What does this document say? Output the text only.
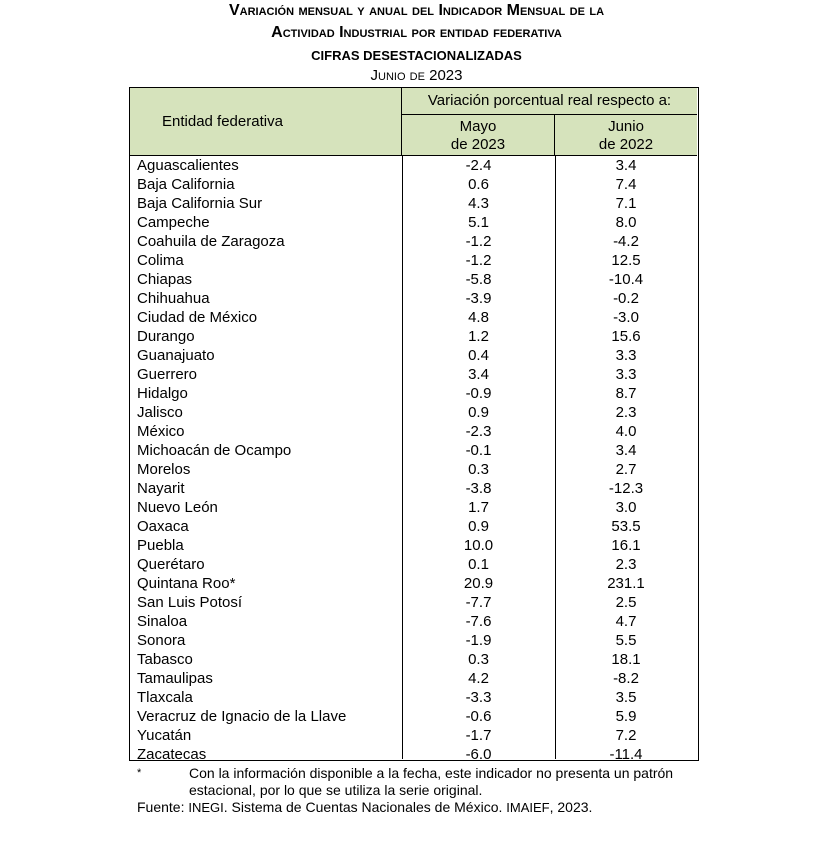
Variación mensual y anual del Indicador Mensual de la
Actividad Industrial por entidad federativa
CIFRAS DESESTACIONALIZADAS
Junio de 2023
Entidad federativa
Variación porcentual real respecto a:
Mayo
de 2023
Junio
de 2022
Aguascalientes	-2.4	3.4
Baja California	0.6	7.4
Baja California Sur	4.3	7.1
Campeche	5.1	8.0
Coahuila de Zaragoza	-1.2	-4.2
Colima	-1.2	12.5
Chiapas	-5.8	-10.4
Chihuahua	-3.9	-0.2
Ciudad de México	4.8	-3.0
Durango	1.2	15.6
Guanajuato	0.4	3.3
Guerrero	3.4	3.3
Hidalgo	-0.9	8.7
Jalisco	0.9	2.3
México	-2.3	4.0
Michoacán de Ocampo	-0.1	3.4
Morelos	0.3	2.7
Nayarit	-3.8	-12.3
Nuevo León	1.7	3.0
Oaxaca	0.9	53.5
Puebla	10.0	16.1
Querétaro	0.1	2.3
Quintana Roo*	20.9	231.1
San Luis Potosí	-7.7	2.5
Sinaloa	-7.6	4.7
Sonora	-1.9	5.5
Tabasco	0.3	18.1
Tamaulipas	4.2	-8.2
Tlaxcala	-3.3	3.5
Veracruz de Ignacio de la Llave	-0.6	5.9
Yucatán	-1.7	7.2
Zacatecas	-6.0	-11.4
*	Con la información disponible a la fecha, este indicador no presenta un patrón estacional, por lo que se utiliza la serie original.
Fuente: INEGI. Sistema de Cuentas Nacionales de México. IMAIEF, 2023.
